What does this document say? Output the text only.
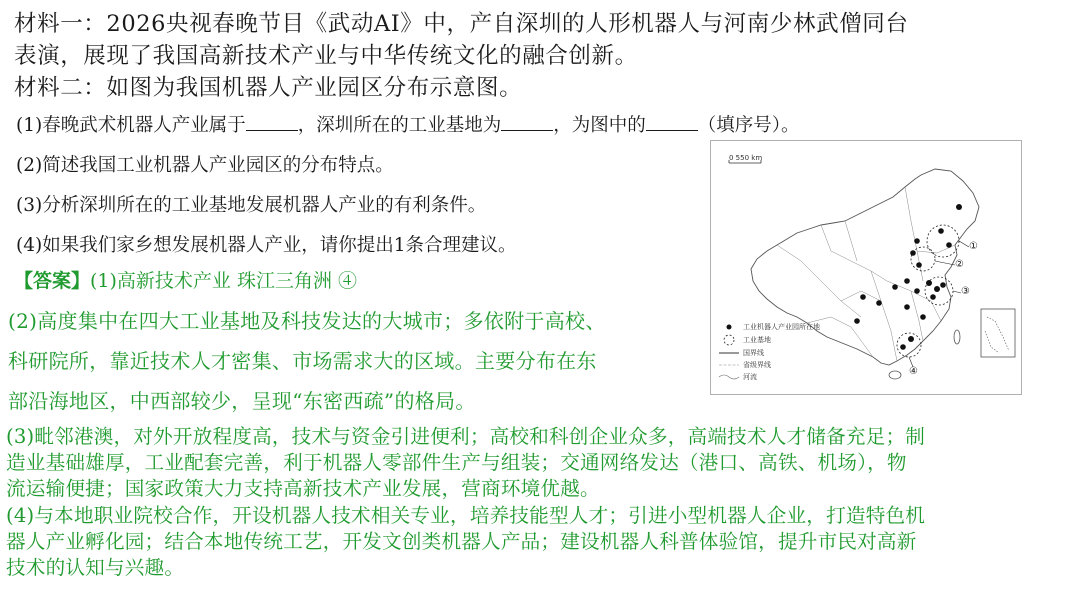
材料一：2026央视春晚节目《武动AI》中，产自深圳的人形机器人与河南少林武僧同台
表演，展现了我国高新技术产业与中华传统文化的融合创新。
材料二：如图为我国机器人产业园区分布示意图。
(1)春晚武术机器人产业属于	，深圳所在的工业基地为	，为图中的	（填序号）。
(2)简述我国工业机器人产业园区的分布特点。
(3)分析深圳所在的工业基地发展机器人产业的有利条件。
(4)如果我们家乡想发展机器人产业，请你提出1条合理建议。
【答案】(1)高新技术产业 珠江三角洲 ④
(2)高度集中在四大工业基地及科技发达的大城市；多依附于高校、
科研院所，靠近技术人才密集、市场需求大的区域。主要分布在东
部沿海地区，中西部较少，呈现“东密西疏”的格局。
(3)毗邻港澳，对外开放程度高，技术与资金引进便利；高校和科创企业众多，高端技术人才储备充足；制
造业基础雄厚，工业配套完善，利于机器人零部件生产与组装；交通网络发达（港口、高铁、机场），物
流运输便捷；国家政策大力支持高新技术产业发展，营商环境优越。
(4)与本地职业院校合作，开设机器人技术相关专业，培养技能型人才；引进小型机器人企业，打造特色机
器人产业孵化园；结合本地传统工艺，开发文创类机器人产品；建设机器人科普体验馆，提升市民对高新
技术的认知与兴趣。
0 550 km
①
②
③
④
工业机器人产业园所在地
工业基地
国界线
省级界线
河流
